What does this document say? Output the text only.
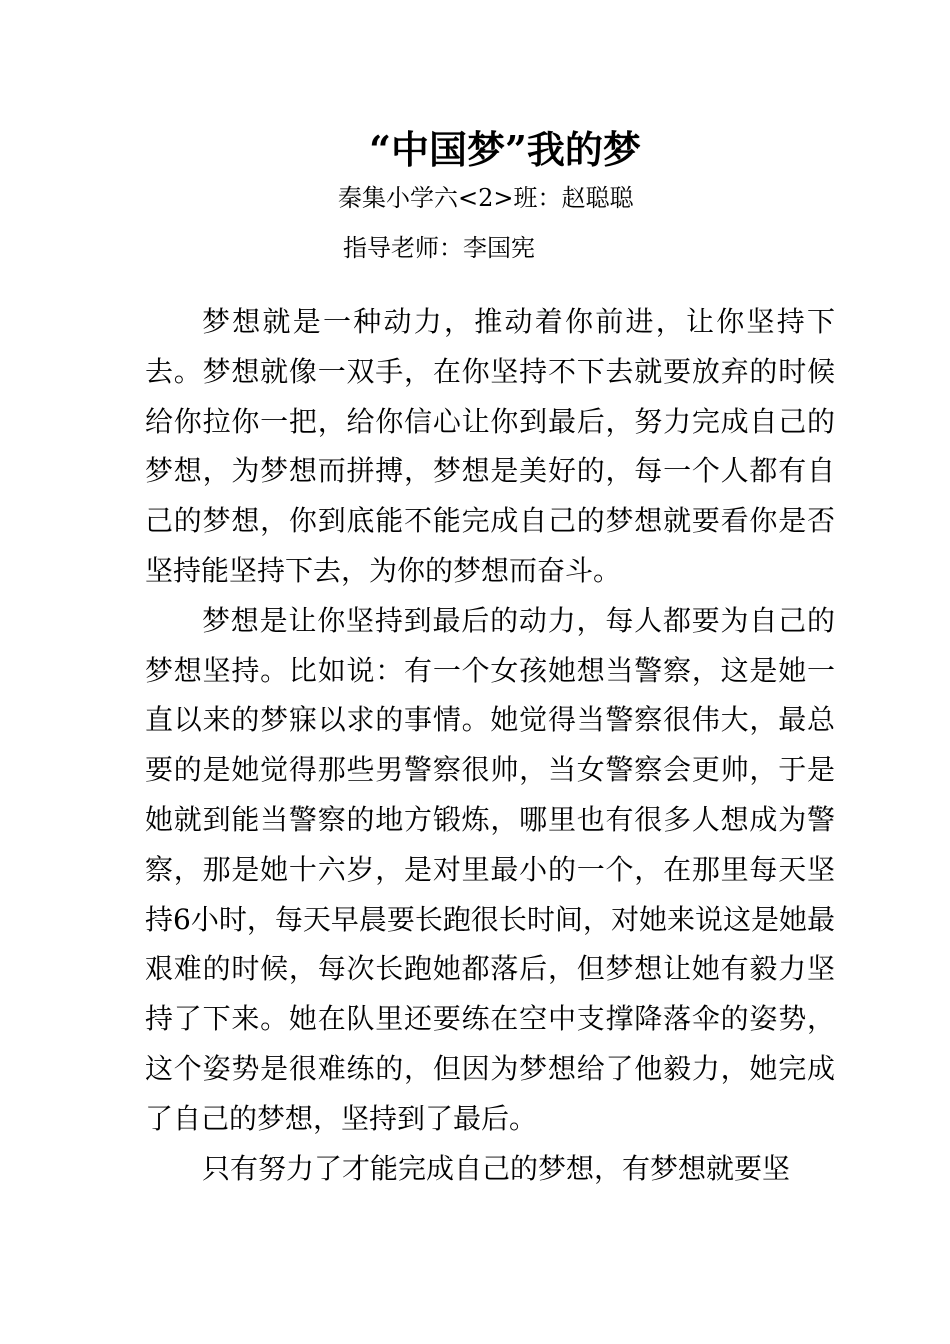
“中国梦”我的梦
秦集小学六<2>班：赵聪聪
指导老师：李国宪

梦想就是一种动力，推动着你前进，让你坚持下去。梦想就像一双手，在你坚持不下去就要放弃的时候给你拉你一把，给你信心让你到最后，努力完成自己的梦想，为梦想而拼搏，梦想是美好的，每一个人都有自己的梦想，你到底能不能完成自己的梦想就要看你是否坚持能坚持下去，为你的梦想而奋斗。

梦想是让你坚持到最后的动力，每人都要为自己的梦想坚持。比如说：有一个女孩她想当警察，这是她一直以来的梦寐以求的事情。她觉得当警察很伟大，最总要的是她觉得那些男警察很帅，当女警察会更帅，于是她就到能当警察的地方锻炼，哪里也有很多人想成为警察，那是她十六岁，是对里最小的一个，在那里每天坚持6小时，每天早晨要长跑很长时间，对她来说这是她最艰难的时候，每次长跑她都落后，但梦想让她有毅力坚持了下来。她在队里还要练在空中支撑降落伞的姿势，这个姿势是很难练的，但因为梦想给了他毅力，她完成了自己的梦想，坚持到了最后。

只有努力了才能完成自己的梦想，有梦想就要坚
